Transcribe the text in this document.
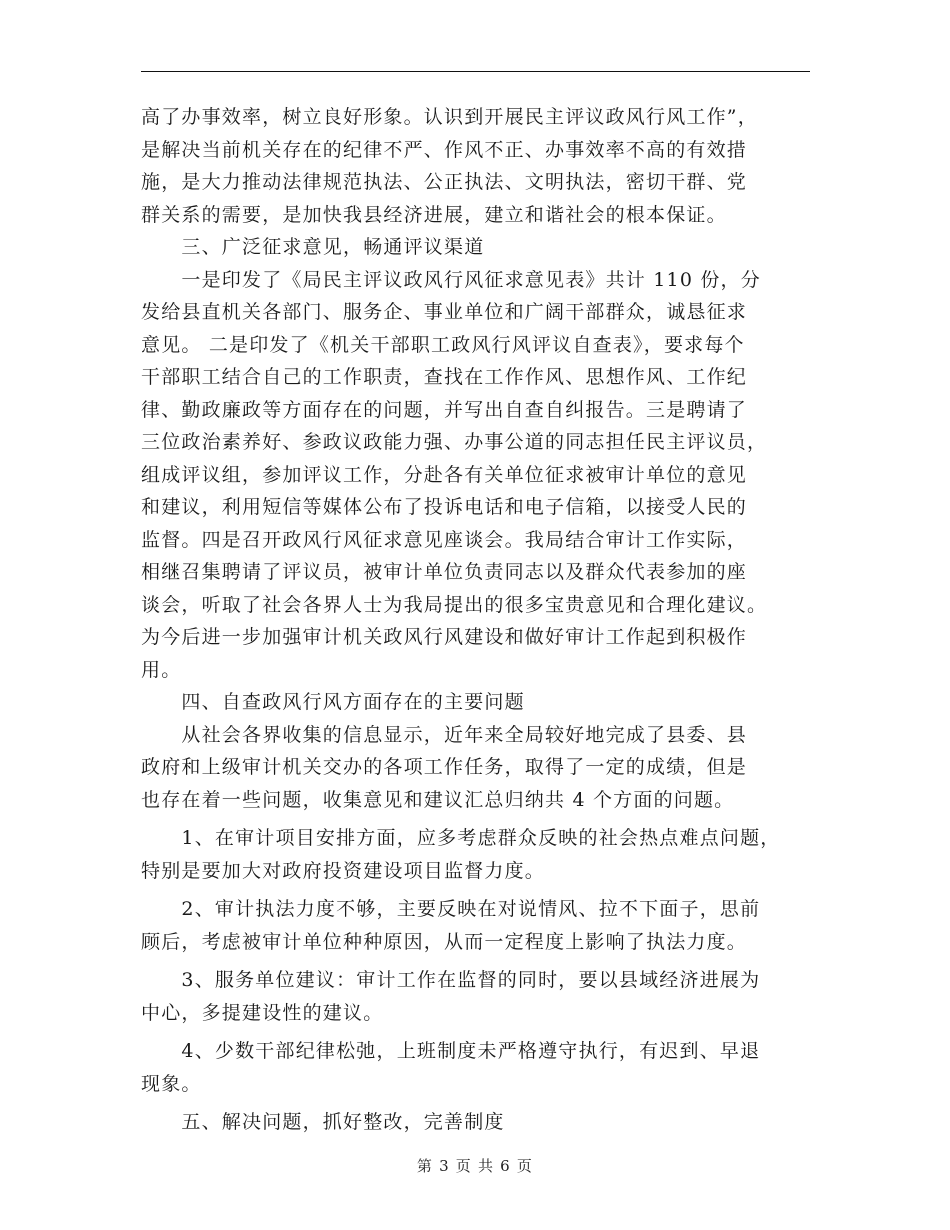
高了办事效率，树立良好形象。认识到开展民主评议政风行风工作”，
是解决当前机关存在的纪律不严、作风不正、办事效率不高的有效措
施，是大力推动法律规范执法、公正执法、文明执法，密切干群、党
群关系的需要，是加快我县经济进展，建立和谐社会的根本保证。
　　三、广泛征求意见，畅通评议渠道
　　一是印发了《局民主评议政风行风征求意见表》共计 110 份，分
发给县直机关各部门、服务企、事业单位和广阔干部群众，诚恳征求
意见。 二是印发了《机关干部职工政风行风评议自查表》，要求每个
干部职工结合自己的工作职责，查找在工作作风、思想作风、工作纪
律、勤政廉政等方面存在的问题，并写出自查自纠报告。三是聘请了
三位政治素养好、参政议政能力强、办事公道的同志担任民主评议员，
组成评议组，参加评议工作，分赴各有关单位征求被审计单位的意见
和建议，利用短信等媒体公布了投诉电话和电子信箱，以接受人民的
监督。四是召开政风行风征求意见座谈会。我局结合审计工作实际，
相继召集聘请了评议员，被审计单位负责同志以及群众代表参加的座
谈会，听取了社会各界人士为我局提出的很多宝贵意见和合理化建议。
为今后进一步加强审计机关政风行风建设和做好审计工作起到积极作
用。
　　四、自查政风行风方面存在的主要问题
　　从社会各界收集的信息显示，近年来全局较好地完成了县委、县
政府和上级审计机关交办的各项工作任务，取得了一定的成绩，但是
也存在着一些问题，收集意见和建议汇总归纳共 4 个方面的问题。
　　1、在审计项目安排方面，应多考虑群众反映的社会热点难点问题，
特别是要加大对政府投资建设项目监督力度。
　　2、审计执法力度不够，主要反映在对说情风、拉不下面子，思前
顾后，考虑被审计单位种种原因，从而一定程度上影响了执法力度。
　　3、服务单位建议：审计工作在监督的同时，要以县域经济进展为
中心，多提建设性的建议。
　　4、少数干部纪律松弛，上班制度未严格遵守执行，有迟到、早退
现象。
　　五、解决问题，抓好整改，完善制度
第 3 页 共 6 页
